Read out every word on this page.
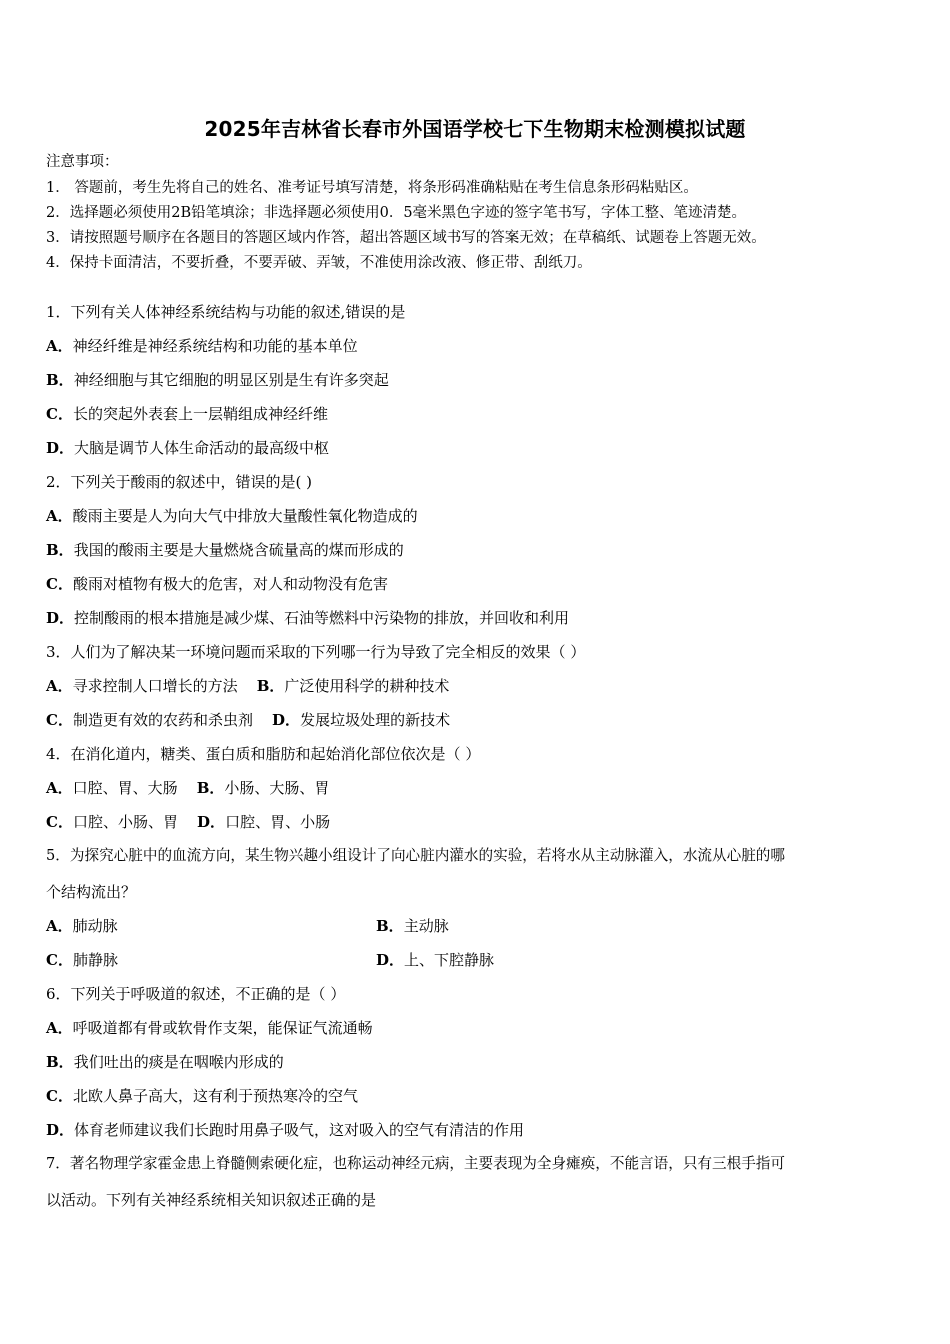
2025年吉林省长春市外国语学校七下生物期末检测模拟试题
注意事项：
1． 答题前，考生先将自己的姓名、准考证号填写清楚，将条形码准确粘贴在考生信息条形码粘贴区。
2．选择题必须使用2B铅笔填涂；非选择题必须使用0．5毫米黑色字迹的签字笔书写，字体工整、笔迹清楚。
3．请按照题号顺序在各题目的答题区域内作答，超出答题区域书写的答案无效；在草稿纸、试题卷上答题无效。
4．保持卡面清洁，不要折叠，不要弄破、弄皱，不准使用涂改液、修正带、刮纸刀。
1．下列有关人体神经系统结构与功能的叙述,错误的是
A．神经纤维是神经系统结构和功能的基本单位
B．神经细胞与其它细胞的明显区别是生有许多突起
C．长的突起外表套上一层鞘组成神经纤维
D．大脑是调节人体生命活动的最高级中枢
2．下列关于酸雨的叙述中，错误的是( )
A．酸雨主要是人为向大气中排放大量酸性氧化物造成的
B．我国的酸雨主要是大量燃烧含硫量高的煤而形成的
C．酸雨对植物有极大的危害，对人和动物没有危害
D．控制酸雨的根本措施是减少煤、石油等燃料中污染物的排放，并回收和利用
3．人们为了解决某一环境问题而采取的下列哪一行为导致了完全相反的效果（ ）
A．寻求控制人口增长的方法 B．广泛使用科学的耕种技术
C．制造更有效的农药和杀虫剂 D．发展垃圾处理的新技术
4．在消化道内，糖类、蛋白质和脂肪和起始消化部位依次是（ ）
A．口腔、胃、大肠 B．小肠、大肠、胃
C．口腔、小肠、胃 D．口腔、胃、小肠
5．为探究心脏中的血流方向，某生物兴趣小组设计了向心脏内灌水的实验，若将水从主动脉灌入，水流从心脏的哪
个结构流出？
A．肺动脉	B．主动脉
C．肺静脉	D．上、下腔静脉
6．下列关于呼吸道的叙述，不正确的是（ ）
A．呼吸道都有骨或软骨作支架，能保证气流通畅
B．我们吐出的痰是在咽喉内形成的
C．北欧人鼻子高大，这有利于预热寒冷的空气
D．体育老师建议我们长跑时用鼻子吸气，这对吸入的空气有清洁的作用
7．著名物理学家霍金患上脊髓侧索硬化症，也称运动神经元病，主要表现为全身瘫痪，不能言语，只有三根手指可
以活动。下列有关神经系统相关知识叙述正确的是
